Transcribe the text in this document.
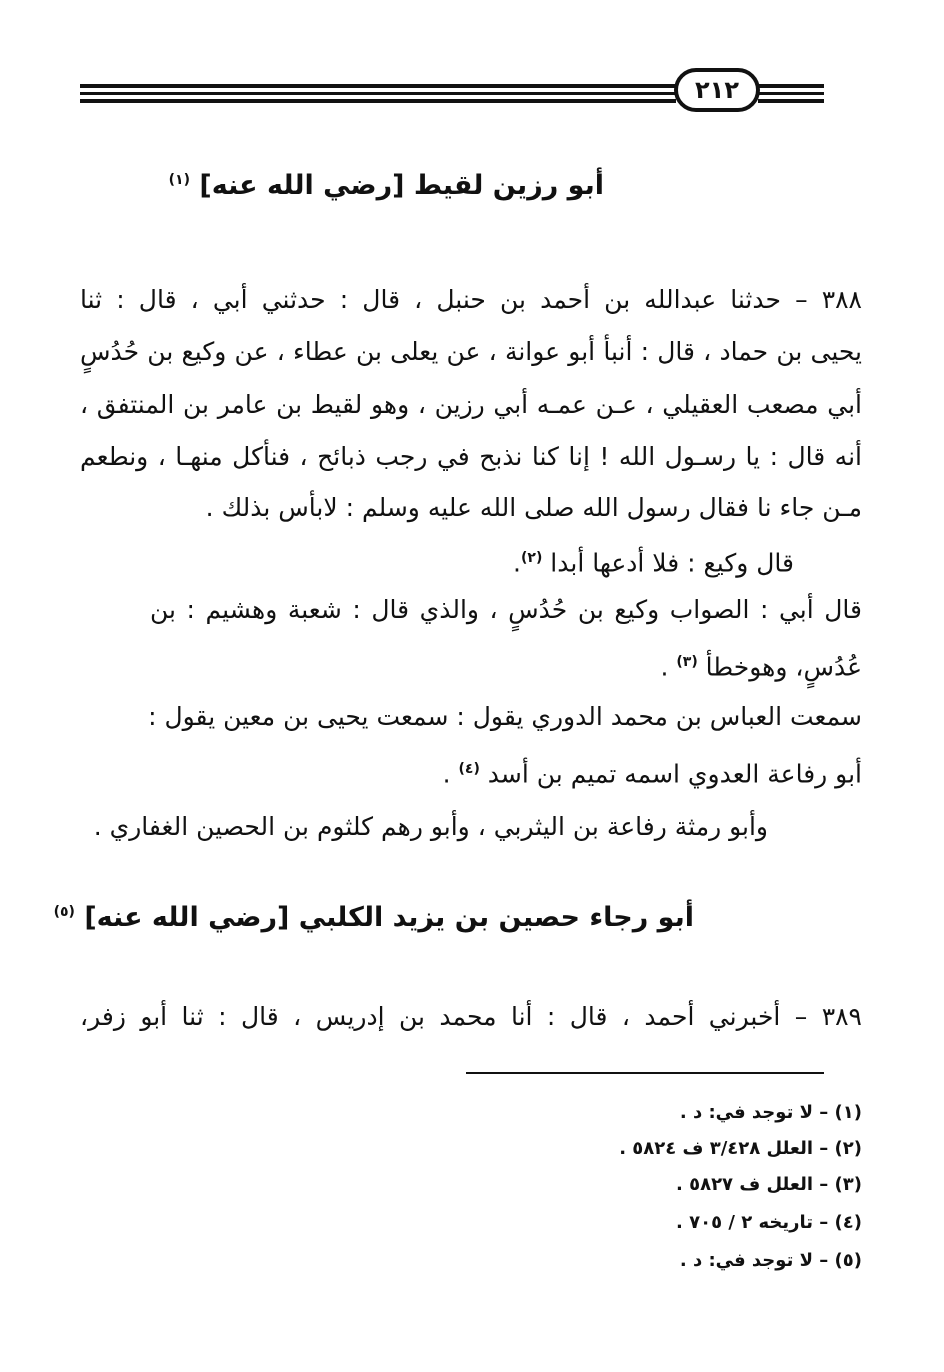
٢١٢
أبو رزين لقيط [رضي الله عنه] $^{(١)}$
٣٨٨ – حدثنا عبدالله بن أحمد بن حنبل ، قال : حدثني أبي ، قال : ثنا
يحيى بن حماد ، قال : أنبأ أبو عوانة ، عن يعلى بن عطاء ، عن وكيع بن حُدُسٍ
أبي مصعب العقيلي ، عـن عمـه أبي رزين ، وهو لقيط بن عامر بن المنتفق ،
أنه قال : يا رسـول الله ! إنا كنا نذبح في رجب ذبائح ، فنأكل منهـا ، ونطعم
مـن جاء نا فقال رسول الله صلى الله عليه وسلم : لابأس بذلك .
قال وكيع : فلا أدعها أبدا $^{(٢)}$.
قال أبي : الصواب وكيع بن حُدُسٍ ، والذي قال : شعبة وهشيم : بن
عُدُسٍ، وهوخطأ $^{(٣)}$ .
سمعت العباس بن محمد الدوري يقول : سمعت يحيى بن معين يقول :
أبو رفاعة العدوي اسمه تميم بن أسد $^{(٤)}$ .
وأبو رمثة رفاعة بن اليثربي ، وأبو رهم كلثوم بن الحصين الغفاري .
أبو رجاء حصين بن يزيد الكلبي [رضي الله عنه] $^{(٥)}$
٣٨٩ – أخبرني أحمد ، قال : أنا محمد بن إدريس ، قال : ثنا أبو زفر،
(١) – لا توجد في: د .
(٢) – العلل ٣/٤٢٨ ف ٥٨٢٤ .
(٣) – العلل ف ٥٨٢٧ .
(٤) – تاريخه ٢ / ٧٠٥ .
(٥) – لا توجد في: د .
